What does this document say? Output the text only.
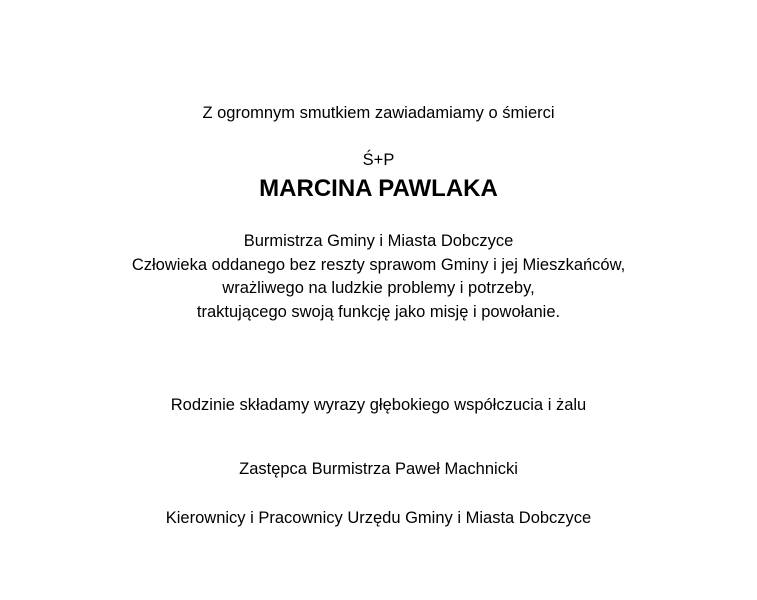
Z ogromnym smutkiem zawiadamiamy o śmierci
Ś+P
MARCINA PAWLAKA
Burmistrza Gminy i Miasta Dobczyce
Człowieka oddanego bez reszty sprawom Gminy i jej Mieszkańców,
wrażliwego na ludzkie problemy i potrzeby,
traktującego swoją funkcję jako misję i powołanie.
Rodzinie składamy wyrazy głębokiego współczucia i żalu
Zastępca Burmistrza Paweł Machnicki
Kierownicy i Pracownicy Urzędu Gminy i Miasta Dobczyce
